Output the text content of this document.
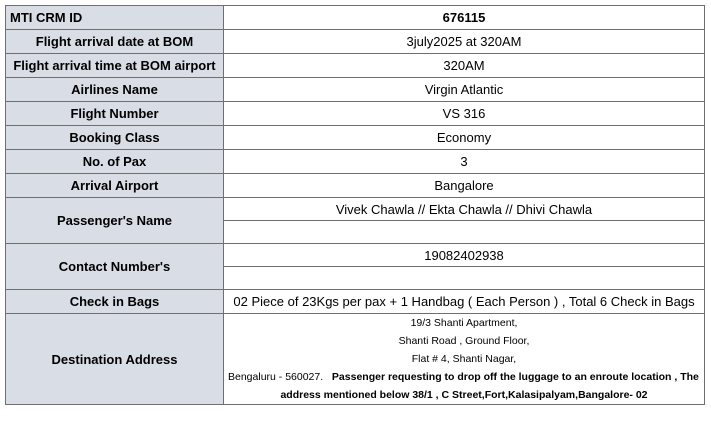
MTI CRM ID	676115
Flight arrival date at BOM	3july2025 at 320AM
Flight arrival time at BOM airport	320AM
Airlines Name	Virgin Atlantic
Flight Number	VS 316
Booking Class	Economy
No. of Pax	3
Arrival Airport	Bangalore
Passenger's Name	Vivek Chawla // Ekta Chawla // Dhivi Chawla

Contact Number's	19082402938

Check in Bags	02 Piece of 23Kgs per pax + 1 Handbag ( Each Person ) , Total 6 Check in Bags
Destination Address	19/3 Shanti Apartment,
Shanti Road , Ground Floor,
Flat # 4, Shanti Nagar,
Bengaluru - 560027. Passenger requesting to drop off the luggage to an enroute location , The
address mentioned below 38/1 , C Street,Fort,Kalasipalyam,Bangalore- 02
